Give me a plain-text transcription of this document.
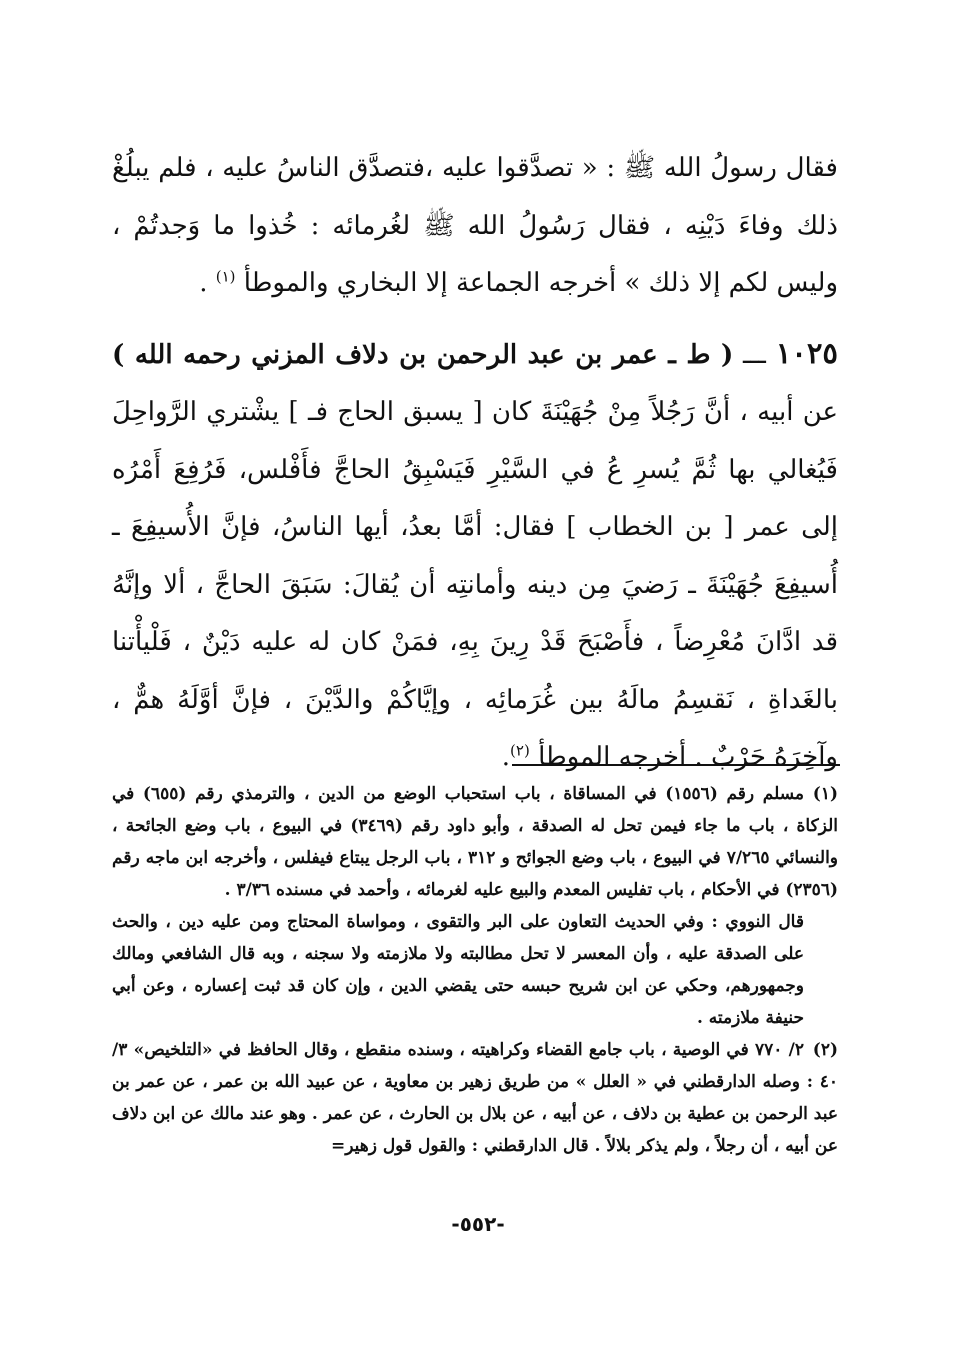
فقال رسولُ الله ﷺ : « تصدَّقوا عليه ،فتصدَّق الناسُ عليه ، فلم يبلُغْ ذلك وفاءَ دَيْنِه ، فقال رَسُولُ الله ﷺ لغُرمائه : خُذوا ما وَجدتُمْ ، وليس لكم إلا ذلك » أخرجه الجماعة إلا البخاري والموطأ $^{(١)}$ .

١٠٢٥ ـــ ( ط ـ عمر بن عبد الرحمن بن دلاف المزني رحمه الله ) عن أبيه ، أنَّ رَجُلاً مِنْ جُهَيْنَةَ كان [ يسبق الحاج فـ ] يشْتري الرَّواحِلَ فَيُغالي بها ثُمَّ يُسرِ عُ في السَّيْرِ فَيَسْبِقُ الحاجَّ فأَفْلس، فَرُفِعَ أَمْرُه إلى عمر [ بن الخطاب ] فقال: أمَّا بعدُ، أيها الناسُ، فإنَّ الأُسيفِعَ ـ أُسيفِعَ جُهَيْنَةَ ـ رَضيَ مِن دينه وأمانتِه أن يُقالَ: سَبَقَ الحاجَّ ، ألا وإنَّهُ قد ادَّانَ مُعْرِضاً ، فأَصْبَحَ قَدْ رِينَ بِهِ، فمَنْ كان له عليه دَيْنٌ ، فَلْيأْتنا بالغَداةِ ، نَقسِمُ مالَهُ بين غُرَمائِه ، وإيَّاكُمْ والدَّيْنَ ، فإنَّ أوَّلَهُ همٌّ ، وآخِرَهُ حَرْبٌ . أخرجه الموطأ $^{(٢)}$.

(١)مسلم رقم (١٥٥٦) في المساقاة ، باب استحباب الوضع من الدين ، والترمذي رقم (٦٥٥) في الزكاة ، باب ما جاء فيمن تحل له الصدقة ، وأبو داود رقم (٣٤٦٩) في البيوع ، باب وضع الجائحة ، والنسائي ٧/٢٦٥ في البيوع ، باب وضع الجوائح و ٣١٢ ، باب الرجل يبتاع فيفلس ، وأخرجه ابن ماجه رقم (٢٣٥٦) في الأحكام ، باب تفليس المعدم والبيع عليه لغرمائه ، وأحمد في مسنده ٣/٣٦ .

قال النووي : وفي الحديث التعاون على البر والتقوى ، ومواساة المحتاج ومن عليه دين ، والحث على الصدقة عليه ، وأن المعسر لا تحل مطالبته ولا ملازمته ولا سجنه ، وبه قال الشافعي ومالك وجمهورهم، وحكي عن ابن شريح حبسه حتى يقضي الدين ، وإن كان قد ثبت إعساره ، وعن أبي حنيفة ملازمته .

(٢)٢/ ٧٧٠ في الوصية ، باب جامع القضاء وكراهيته ، وسنده منقطع ، وقال الحافظ في «التلخيص» ٣/ ٤٠ : وصله الدارقطني في « العلل » من طريق زهير بن معاوية ، عن عبيد الله بن عمر ، عن عمر بن عبد الرحمن بن عطية بن دلاف ، عن أبيه ، عن بلال بن الحارث ، عن عمر . وهو عند مالك عن ابن دلاف عن أبيه ، أن رجلاً ، ولم يذكر بلالاً . قال الدارقطني : والقول قول زهير=

-٥٥٢-
